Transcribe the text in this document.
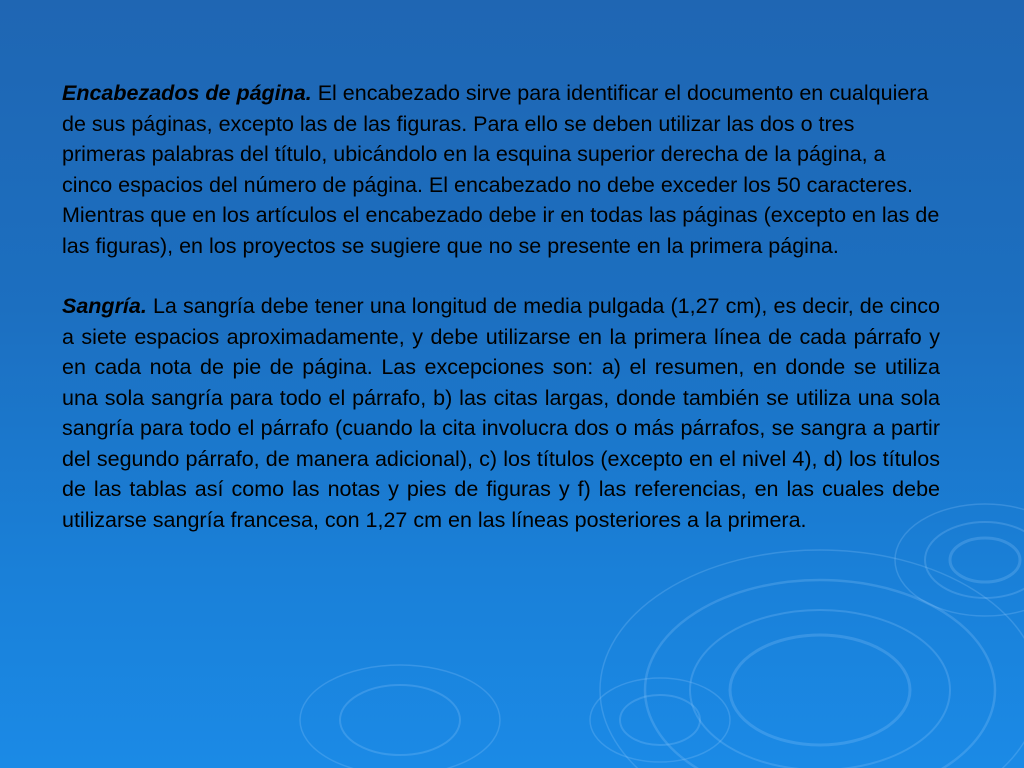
Encabezados de página. El encabezado sirve para identificar el documento en cualquiera de sus páginas, excepto las de las figuras. Para ello se deben utilizar las dos o tres primeras palabras del título, ubicándolo en la esquina superior derecha de la página, a cinco espacios del número de página. El encabezado no debe exceder los 50 caracteres. Mientras que en los artículos el encabezado debe ir en todas las páginas (excepto en las de las figuras), en los proyectos se sugiere que no se presente en la primera página.

Sangría. La sangría debe tener una longitud de media pulgada (1,27 cm), es decir, de cinco a siete espacios aproximadamente, y debe utilizarse en la primera línea de cada párrafo y en cada nota de pie de página. Las excepciones son: a) el resumen, en donde se utiliza una sola sangría para todo el párrafo, b) las citas largas, donde también se utiliza una sola sangría para todo el párrafo (cuando la cita involucra dos o más párrafos, se sangra a partir del segundo párrafo, de manera adicional), c) los títulos (excepto en el nivel 4), d) los títulos de las tablas así como las notas y pies de figuras y f) las referencias, en las cuales debe utilizarse sangría francesa, con 1,27 cm en las líneas posteriores a la primera.
